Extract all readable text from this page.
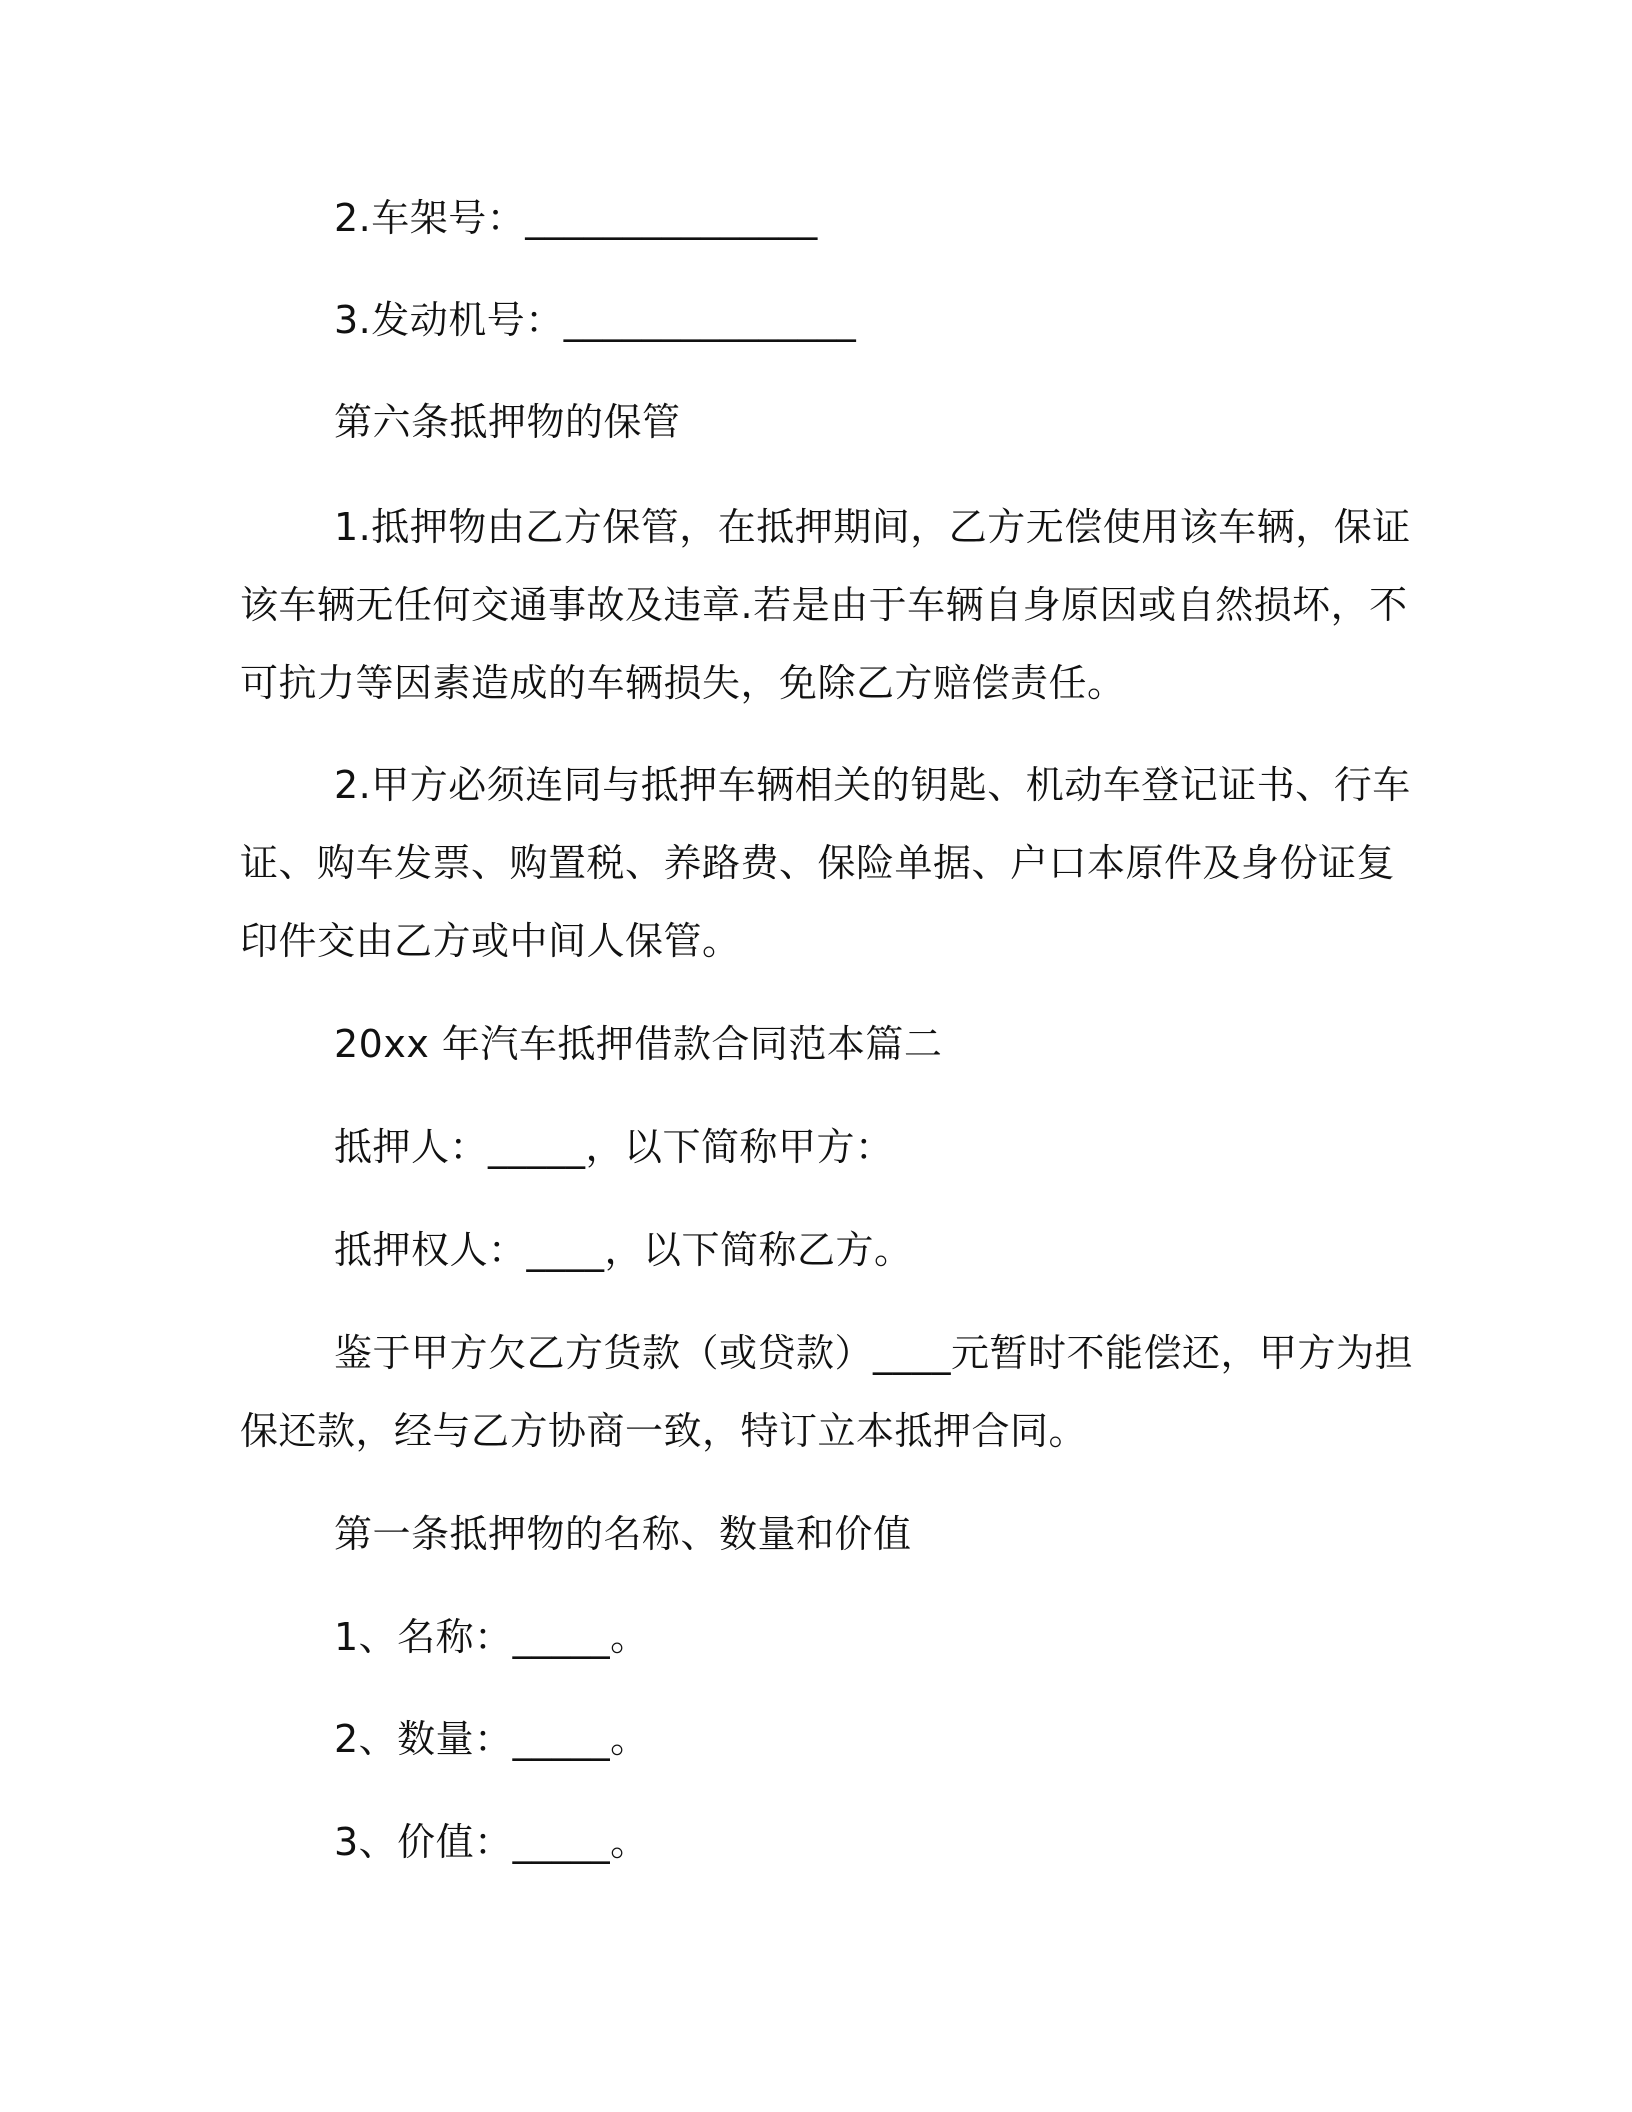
2.车架号：_______________
3.发动机号：_______________
第六条抵押物的保管
1.抵押物由乙方保管，在抵押期间，乙方无偿使用该车辆，保证
该车辆无任何交通事故及违章.若是由于车辆自身原因或自然损坏，不
可抗力等因素造成的车辆损失，免除乙方赔偿责任。
2.甲方必须连同与抵押车辆相关的钥匙、机动车登记证书、行车
证、购车发票、购置税、养路费、保险单据、户口本原件及身份证复
印件交由乙方或中间人保管。
20xx 年汽车抵押借款合同范本篇二
抵押人：_____，以下简称甲方：
抵押权人：____，以下简称乙方。
鉴于甲方欠乙方货款（或贷款）____元暂时不能偿还，甲方为担
保还款，经与乙方协商一致，特订立本抵押合同。
第一条抵押物的名称、数量和价值
1、名称：_____。
2、数量：_____。
3、价值：_____。
